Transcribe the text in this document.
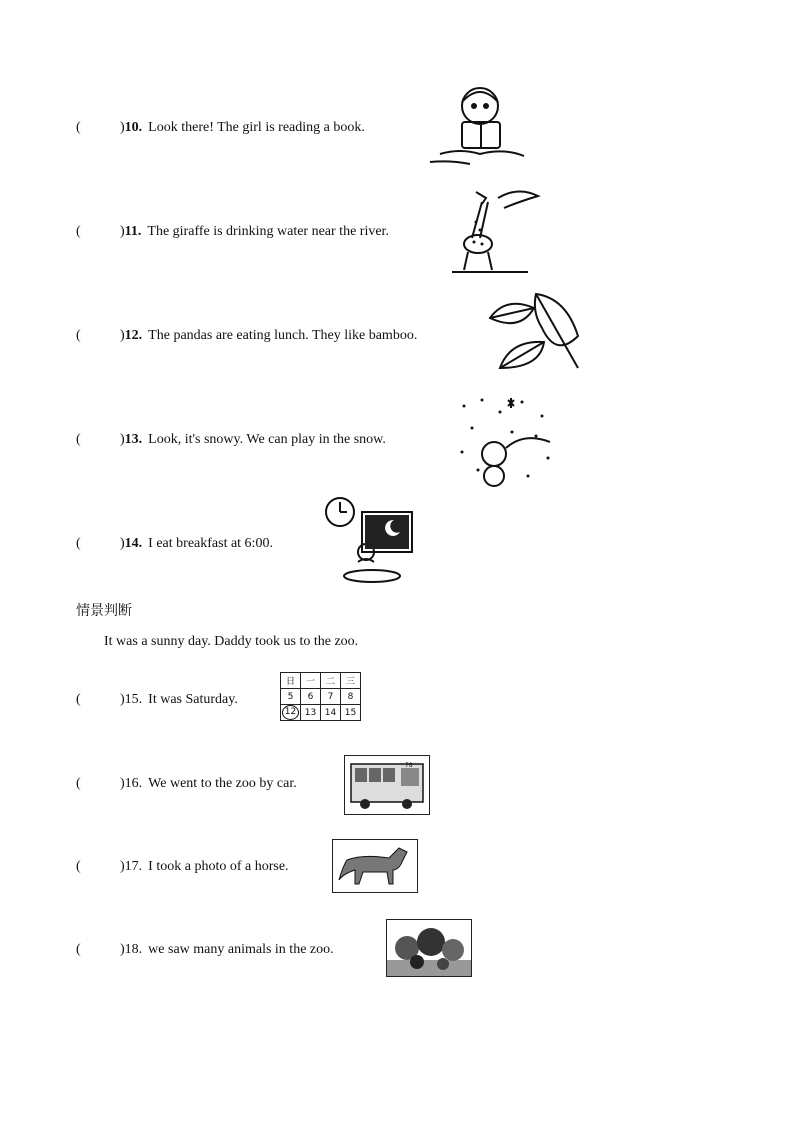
(	)10. Look there! The girl is reading a book.
(	)11. The giraffe is drinking water near the river.
(	)12. The pandas are eating lunch. They like bamboo.
(	)13. Look, it's snowy. We can play in the snow.
(	)14. I eat breakfast at 6:00.
情景判断
It was a sunny day. Daddy took us to the zoo.
(	)15. It was Saturday.
日	一	二	三
5	6	7	8
12	13	14	15
(	)16. We went to the zoo by car.
78
(	)17. I took a photo of a horse.
(	)18. we saw many animals in the zoo.
